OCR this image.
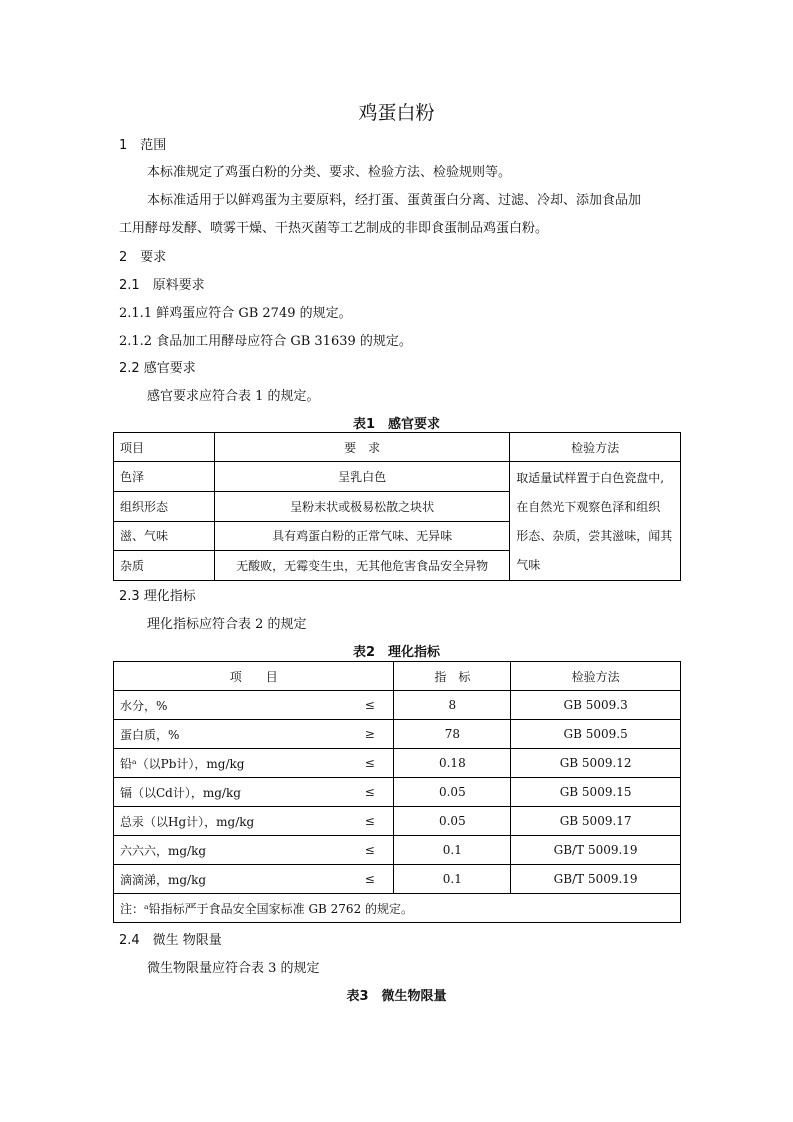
鸡蛋白粉
1　范围
本标准规定了鸡蛋白粉的分类、要求、检验方法、检验规则等。
本标准适用于以鲜鸡蛋为主要原料，经打蛋、蛋黄蛋白分离、过滤、冷却、添加食品加
工用酵母发酵、喷雾干燥、干热灭菌等工艺制成的非即食蛋制品鸡蛋白粉。
2　要求
2.1　原料要求
2.1.1 鲜鸡蛋应符合 GB 2749 的规定。
2.1.2 食品加工用酵母应符合 GB 31639 的规定。
2.2 感官要求
感官要求应符合表 1 的规定。
表1　感官要求
项目	要　求	检验方法
色泽	呈乳白色	取适量试样置于白色瓷盘中,
在自然光下观察色泽和组织
形态、杂质，尝其滋味，闻其
气味

组织形态	呈粉末状或极易松散之块状	
滋、气味	具有鸡蛋白粉的正常气味、无异味	
杂质	无酸败，无霉变生虫，无其他危害食品安全异物	
2.3 理化指标
理化指标应符合表 2 的规定
表2　理化指标
项　　目		指　标	检验方法
水分，%	≤	8	GB 5009.3
蛋白质，%	≥	78	GB 5009.5
铅ᵃ（以Pb计），mg/kg	≤	0.18	GB 5009.12
镉（以Cd计），mg/kg	≤	0.05	GB 5009.15
总汞（以Hg计），mg/kg	≤	0.05	GB 5009.17
六六六，mg/kg	≤	0.1	GB/T 5009.19
滴滴涕，mg/kg	≤	0.1	GB/T 5009.19
注：ᵃ铅指标严于食品安全国家标准 GB 2762 的规定。			
2.4　微生 物限量
微生物限量应符合表 3 的规定
表3　微生物限量
